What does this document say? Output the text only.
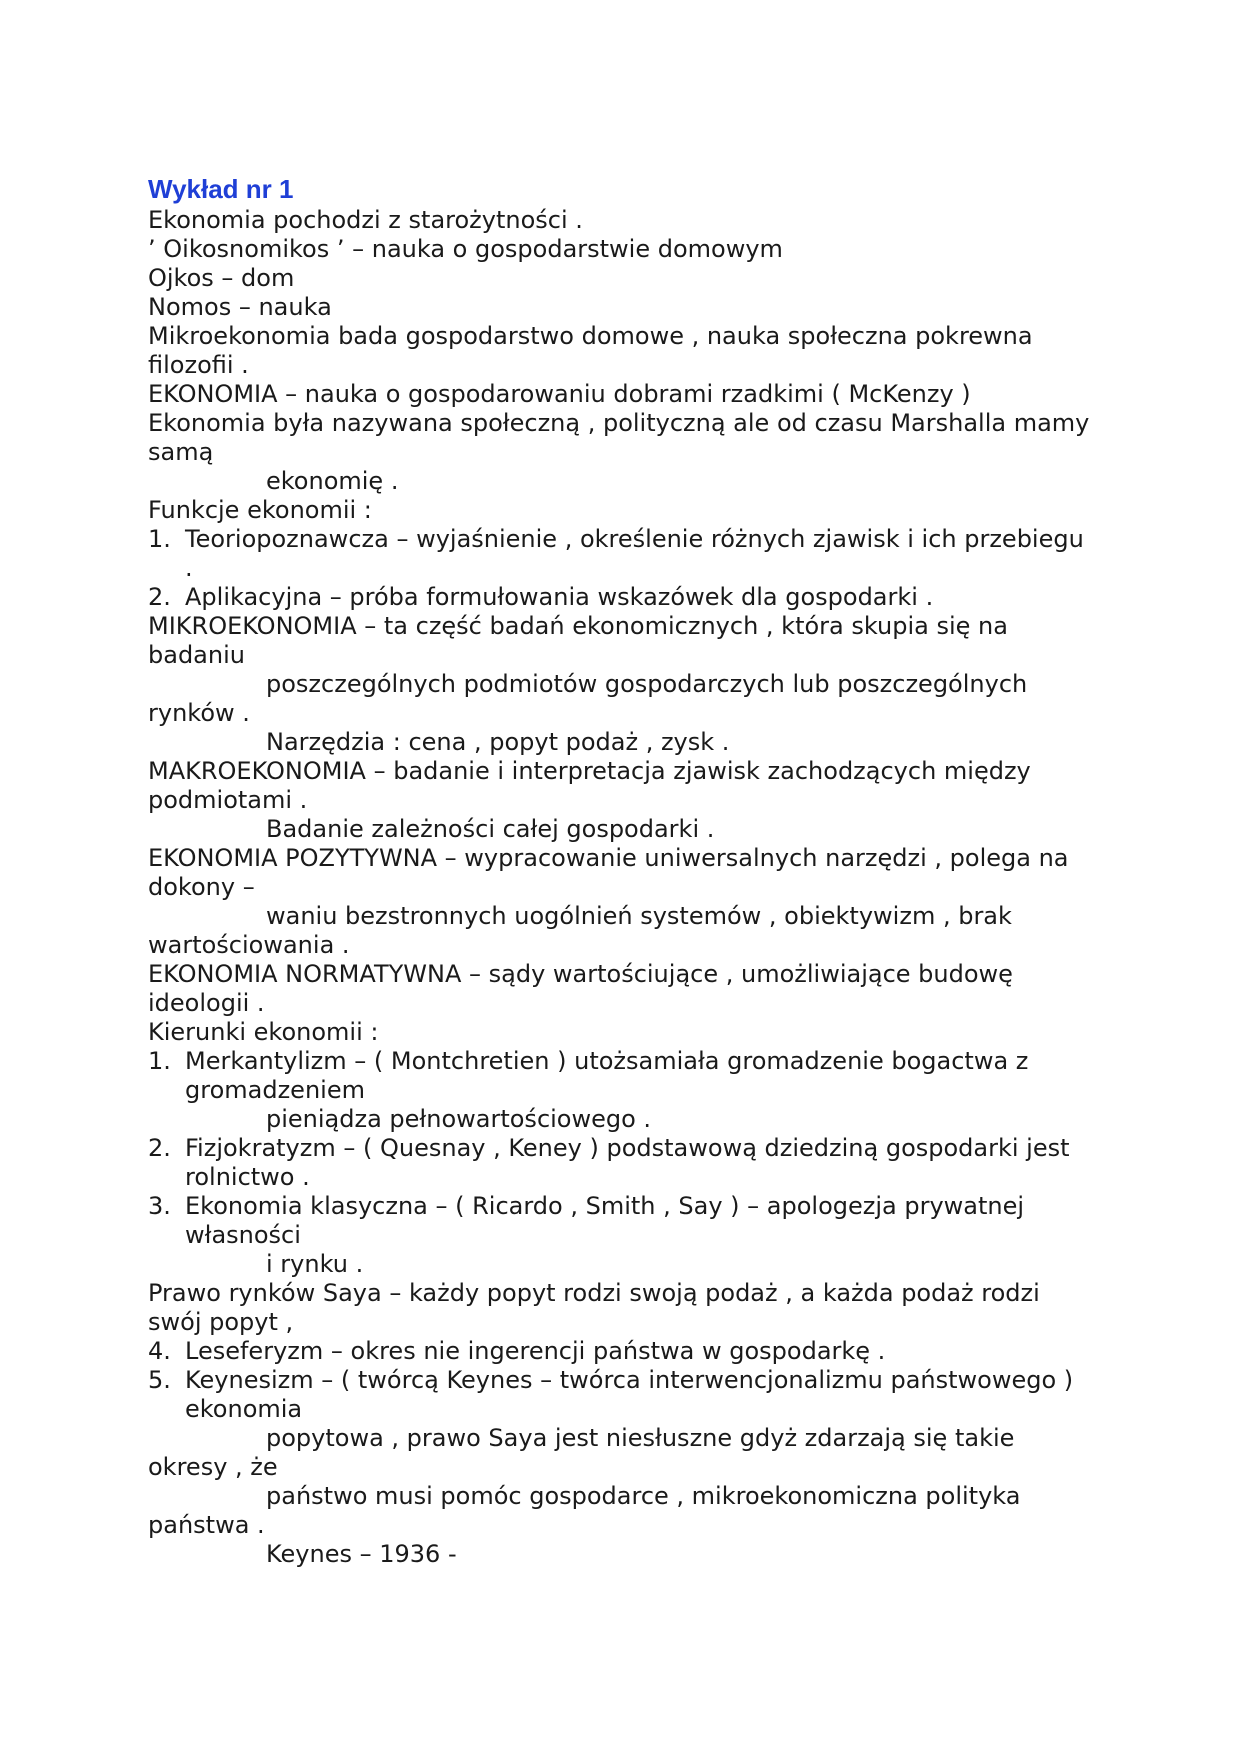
Wykład nr 1

Ekonomia pochodzi z starożytności .

’ Oikosnomikos ’ – nauka o gospodarstwie domowym

Ojkos – dom

Nomos – nauka

Mikroekonomia bada gospodarstwo domowe , nauka społeczna pokrewna filozofii .

EKONOMIA – nauka o gospodarowaniu dobrami rzadkimi ( McKenzy )

Ekonomia była nazywana społeczną , polityczną ale od czasu Marshalla mamy samą

ekonomię .

Funkcje ekonomii :

1. Teoriopoznawcza – wyjaśnienie , określenie różnych zjawisk i ich przebiegu .
2. Aplikacyjna – próba formułowania wskazówek dla gospodarki .

MIKROEKONOMIA – ta część badań ekonomicznych , która skupia się na badaniu

poszczególnych podmiotów gospodarczych lub poszczególnych

rynków .

Narzędzia : cena , popyt podaż , zysk .

MAKROEKONOMIA – badanie i interpretacja zjawisk zachodzących między podmiotami .

Badanie zależności całej gospodarki .

EKONOMIA POZYTYWNA – wypracowanie uniwersalnych narzędzi , polega na dokony –

waniu bezstronnych uogólnień systemów , obiektywizm , brak

wartościowania .

EKONOMIA NORMATYWNA – sądy wartościujące , umożliwiające budowę ideologii .

Kierunki ekonomii :

1. Merkantylizm – ( Montchretien ) utożsamiała gromadzenie bogactwa z gromadzeniem
pieniądza pełnowartościowego .
2. Fizjokratyzm – ( Quesnay , Keney ) podstawową dziedziną gospodarki jest rolnictwo .
3. Ekonomia klasyczna – ( Ricardo , Smith , Say ) – apologezja prywatnej własności
i rynku .

Prawo rynków Saya – każdy popyt rodzi swoją podaż , a każda podaż rodzi swój popyt ,

4. Leseferyzm – okres nie ingerencji państwa w gospodarkę .
5. Keynesizm – ( twórcą Keynes – twórca interwencjonalizmu państwowego ) ekonomia

popytowa , prawo Saya jest niesłuszne gdyż zdarzają się takie

okresy , że

państwo musi pomóc gospodarce , mikroekonomiczna polityka

państwa .

Keynes – 1936 -
